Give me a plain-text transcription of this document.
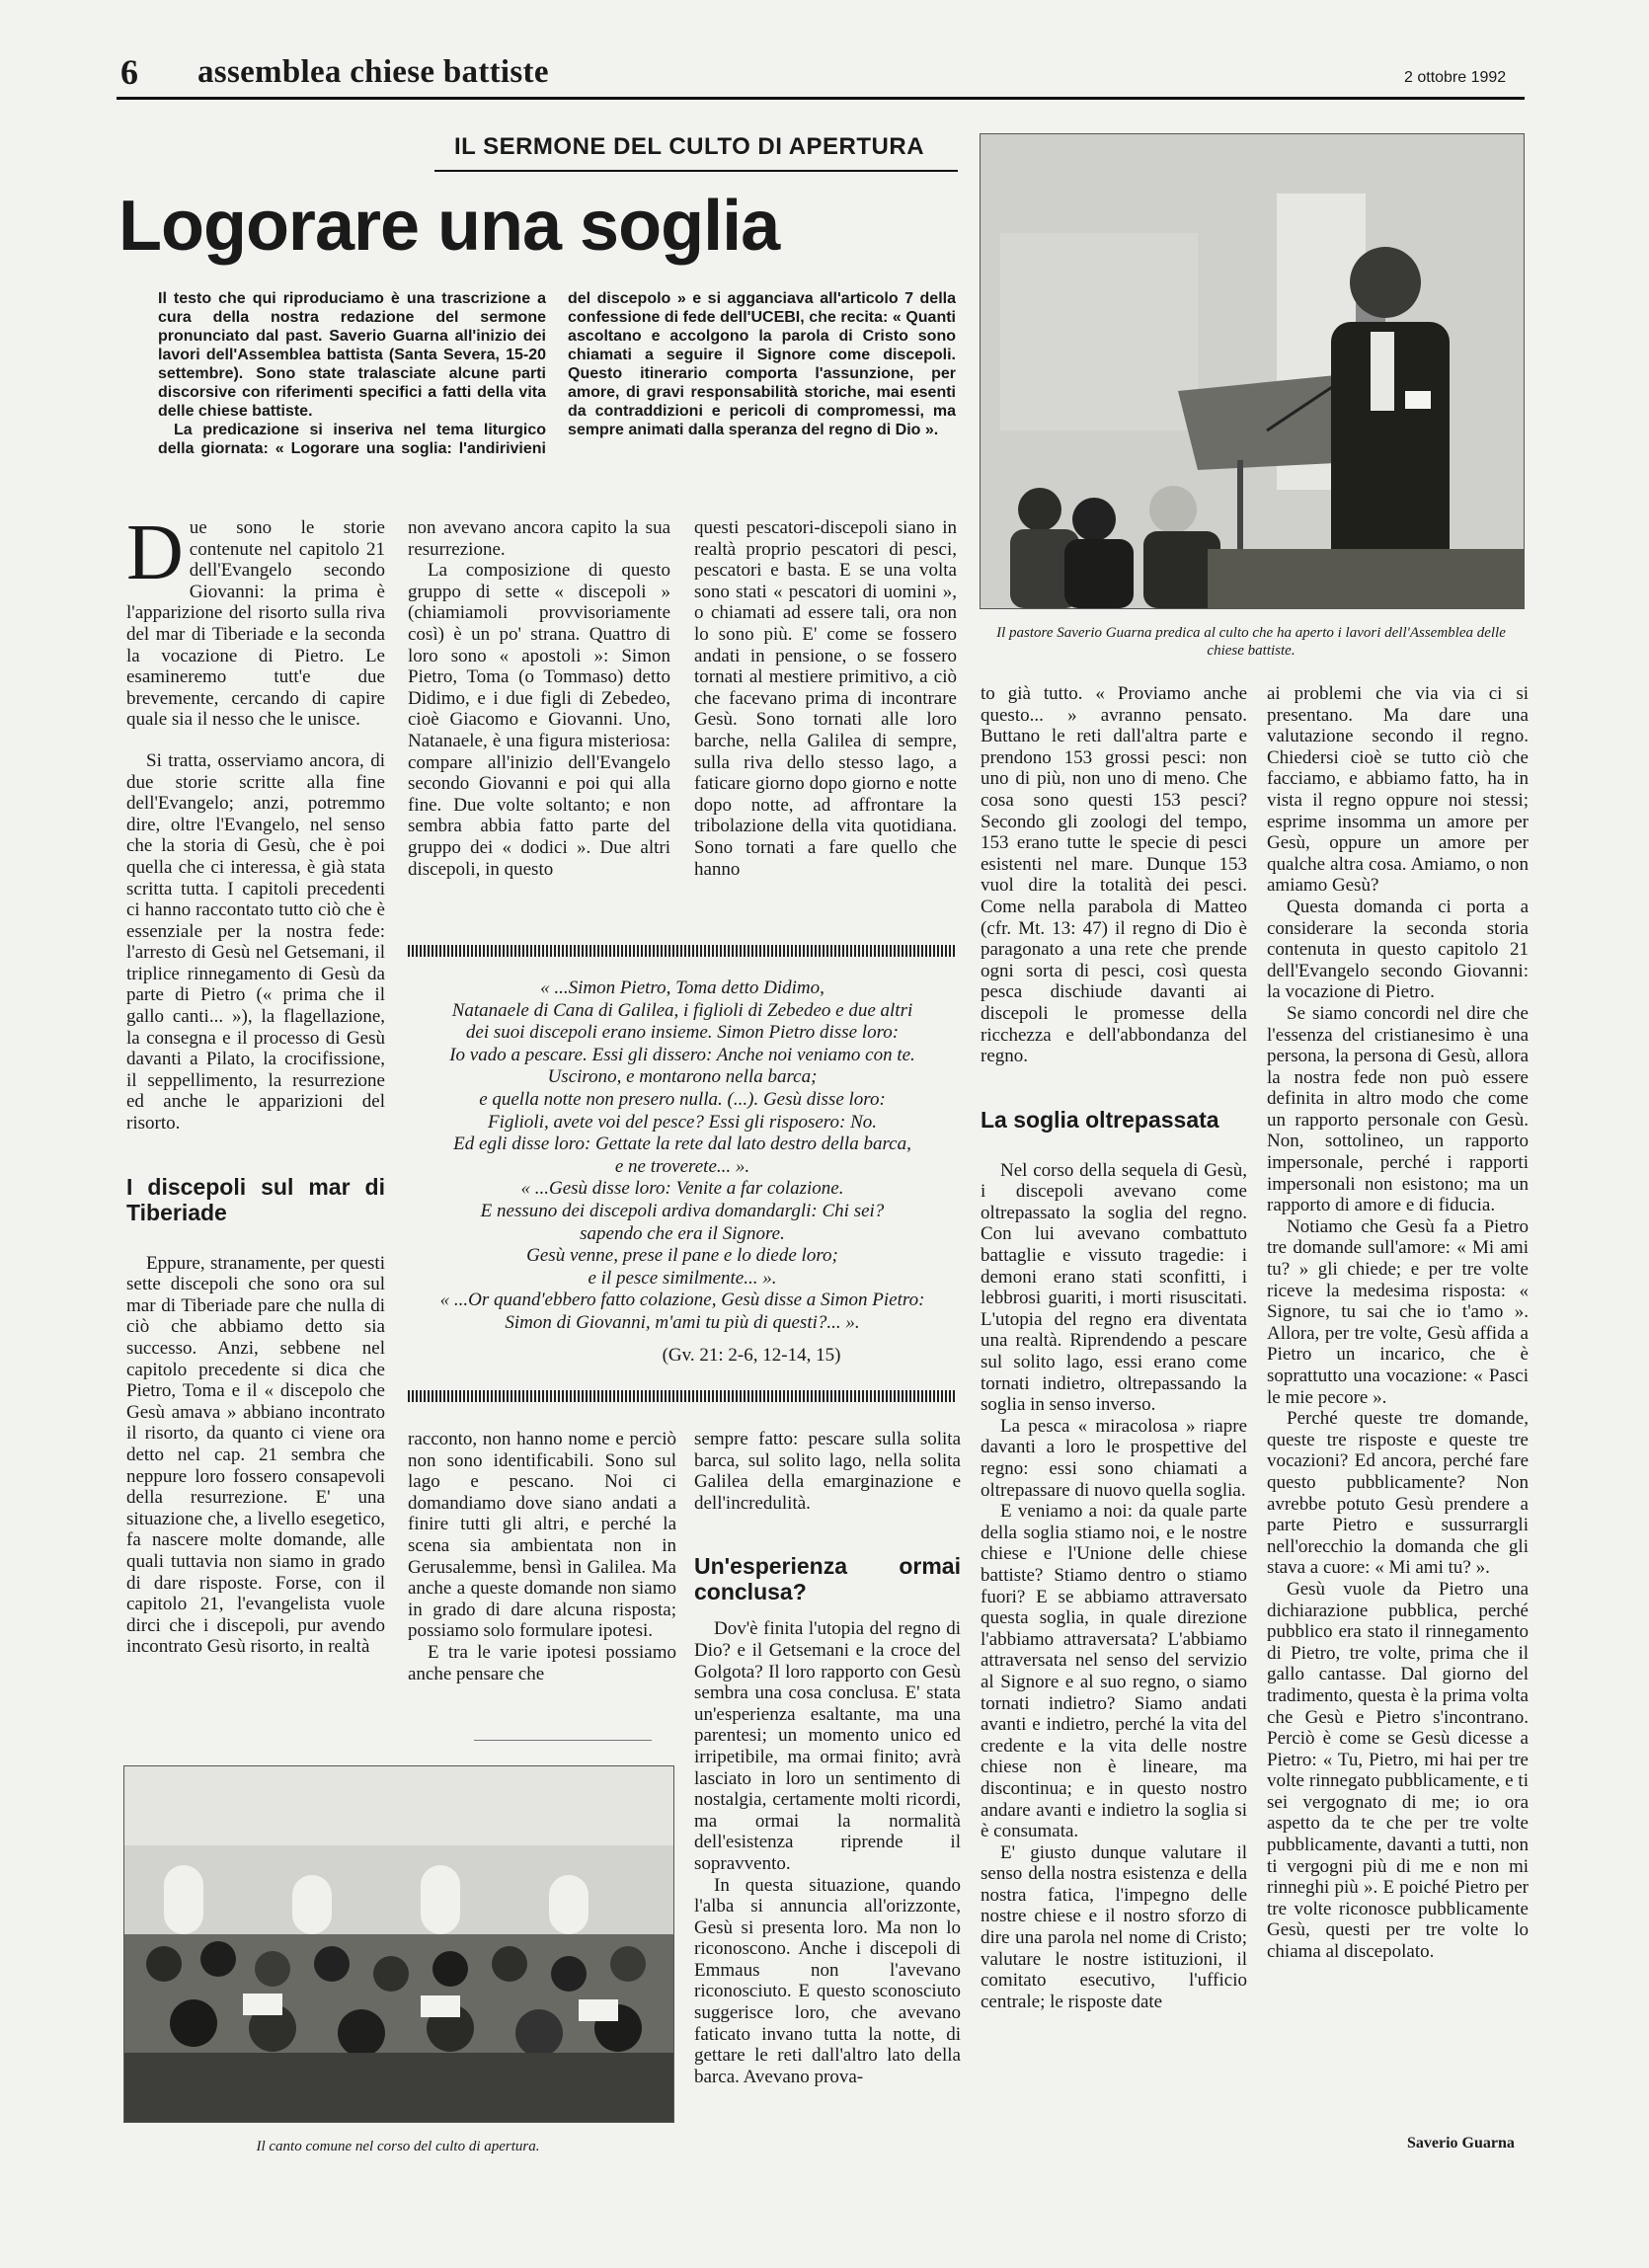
6 assemblea chiese battiste	2 ottobre 1992
IL SERMONE DEL CULTO DI APERTURA
Logorare una soglia

Il testo che qui riproduciamo è una trascrizione a cura della nostra redazione del sermone pronunciato dal past. Saverio Guarna all'inizio dei lavori dell'Assemblea battista (Santa Severa, 15-20 settembre). Sono state tralasciate alcune parti discorsive con riferimenti specifici a fatti della vita delle chiese battiste.

La predicazione si inseriva nel tema liturgico della giornata: « Logorare una soglia: l'andirivieni del discepolo » e si agganciava all'articolo 7 della confessione di fede dell'UCEBI, che recita: « Quanti ascoltano e accolgono la parola di Cristo sono chiamati a seguire il Signore come discepoli. Questo itinerario comporta l'assunzione, per amore, di gravi responsabilità storiche, mai esenti da contraddizioni e pericoli di compromessi, ma sempre animati dalla speranza del regno di Dio ».

Il pastore Saverio Guarna predica al culto che ha aperto i lavori dell'Assemblea delle chiese battiste.

Due sono le storie contenute nel capitolo 21 dell'Evangelo secondo Giovanni: la prima è l'apparizione del risorto sulla riva del mar di Tiberiade e la seconda la vocazione di Pietro. Le esamineremo tutt'e due brevemente, cercando di capire quale sia il nesso che le unisce.

Si tratta, osserviamo ancora, di due storie scritte alla fine dell'Evangelo; anzi, potremmo dire, oltre l'Evangelo, nel senso che la storia di Gesù, che è poi quella che ci interessa, è già stata scritta tutta. I capitoli precedenti ci hanno raccontato tutto ciò che è essenziale per la nostra fede: l'arresto di Gesù nel Getsemani, il triplice rinnegamento di Gesù da parte di Pietro (« prima che il gallo canti... »), la flagellazione, la consegna e il processo di Gesù davanti a Pilato, la crocifissione, il seppellimento, la resurrezione ed anche le apparizioni del risorto.

I discepoli sul mar di Tiberiade

Eppure, stranamente, per questi sette discepoli che sono ora sul mar di Tiberiade pare che nulla di ciò che abbiamo detto sia successo. Anzi, sebbene nel capitolo precedente si dica che Pietro, Toma e il « discepolo che Gesù amava » abbiano incontrato il risorto, da quanto ci viene ora detto nel cap. 21 sembra che neppure loro fossero consapevoli della resurrezione. E' una situazione che, a livello esegetico, fa nascere molte domande, alle quali tuttavia non siamo in grado di dare risposte. Forse, con il capitolo 21, l'evangelista vuole dirci che i discepoli, pur avendo incontrato Gesù risorto, in realtà

non avevano ancora capito la sua resurrezione.

La composizione di questo gruppo di sette « discepoli » (chiamiamoli provvisoriamente così) è un po' strana. Quattro di loro sono « apostoli »: Simon Pietro, Toma (o Tommaso) detto Didimo, e i due figli di Zebedeo, cioè Giacomo e Giovanni. Uno, Natanaele, è una figura misteriosa: compare all'inizio dell'Evangelo secondo Giovanni e poi qui alla fine. Due volte soltanto; e non sembra abbia fatto parte del gruppo dei « dodici ». Due altri discepoli, in questo

questi pescatori-discepoli siano in realtà proprio pescatori di pesci, pescatori e basta. E se una volta sono stati « pescatori di uomini », o chiamati ad essere tali, ora non lo sono più. E' come se fossero andati in pensione, o se fossero tornati al mestiere primitivo, a ciò che facevano prima di incontrare Gesù. Sono tornati alle loro barche, nella Galilea di sempre, sulla riva dello stesso lago, a faticare giorno dopo giorno e notte dopo notte, ad affrontare la tribolazione della vita quotidiana. Sono tornati a fare quello che hanno

« ...Simon Pietro, Toma detto Didimo,

Natanaele di Cana di Galilea, i figlioli di Zebedeo e due altri

dei suoi discepoli erano insieme. Simon Pietro disse loro:

Io vado a pescare. Essi gli dissero: Anche noi veniamo con te.

Uscirono, e montarono nella barca;

e quella notte non presero nulla. (...). Gesù disse loro:

Figlioli, avete voi del pesce? Essi gli risposero: No.

Ed egli disse loro: Gettate la rete dal lato destro della barca,

e ne troverete... ».

« ...Gesù disse loro: Venite a far colazione.

E nessuno dei discepoli ardiva domandargli: Chi sei?

sapendo che era il Signore.

Gesù venne, prese il pane e lo diede loro;

e il pesce similmente... ».

« ...Or quand'ebbero fatto colazione, Gesù disse a Simon Pietro:

Simon di Giovanni, m'ami tu più di questi?... ».

(Gv. 21: 2-6, 12-14, 15)

racconto, non hanno nome e perciò non sono identificabili. Sono sul lago e pescano. Noi ci domandiamo dove siano andati a finire tutti gli altri, e perché la scena sia ambientata non in Gerusalemme, bensì in Galilea. Ma anche a queste domande non siamo in grado di dare alcuna risposta; possiamo solo formulare ipotesi.

E tra le varie ipotesi possiamo anche pensare che

sempre fatto: pescare sulla solita barca, sul solito lago, nella solita Galilea della emarginazione e dell'incredulità.

Un'esperienza ormai conclusa?

Dov'è finita l'utopia del regno di Dio? e il Getsemani e la croce del Golgota? Il loro rapporto con Gesù sembra una cosa conclusa. E' stata un'esperienza esaltante, ma una parentesi; un momento unico ed irripetibile, ma ormai finito; avrà lasciato in loro un sentimento di nostalgia, certamente molti ricordi, ma ormai la normalità dell'esistenza riprende il sopravvento.

In questa situazione, quando l'alba si annuncia all'orizzonte, Gesù si presenta loro. Ma non lo riconoscono. Anche i discepoli di Emmaus non l'avevano riconosciuto. E questo sconosciuto suggerisce loro, che avevano faticato invano tutta la notte, di gettare le reti dall'altro lato della barca. Avevano prova-

Il canto comune nel corso del culto di apertura.

to già tutto. « Proviamo anche questo... » avranno pensato. Buttano le reti dall'altra parte e prendono 153 grossi pesci: non uno di più, non uno di meno. Che cosa sono questi 153 pesci? Secondo gli zoologi del tempo, 153 erano tutte le specie di pesci esistenti nel mare. Dunque 153 vuol dire la totalità dei pesci. Come nella parabola di Matteo (cfr. Mt. 13: 47) il regno di Dio è paragonato a una rete che prende ogni sorta di pesci, così questa pesca dischiude davanti ai discepoli le promesse della ricchezza e dell'abbondanza del regno.

La soglia oltrepassata

Nel corso della sequela di Gesù, i discepoli avevano come oltrepassato la soglia del regno. Con lui avevano combattuto battaglie e vissuto tragedie: i demoni erano stati sconfitti, i lebbrosi guariti, i morti risuscitati. L'utopia del regno era diventata una realtà. Riprendendo a pescare sul solito lago, essi erano come tornati indietro, oltrepassando la soglia in senso inverso.

La pesca « miracolosa » riapre davanti a loro le prospettive del regno: essi sono chiamati a oltrepassare di nuovo quella soglia.

E veniamo a noi: da quale parte della soglia stiamo noi, e le nostre chiese e l'Unione delle chiese battiste? Stiamo dentro o stiamo fuori? E se abbiamo attraversato questa soglia, in quale direzione l'abbiamo attraversata? L'abbiamo attraversata nel senso del servizio al Signore e al suo regno, o siamo tornati indietro? Siamo andati avanti e indietro, perché la vita del credente e la vita delle nostre chiese non è lineare, ma discontinua; e in questo nostro andare avanti e indietro la soglia si è consumata.

E' giusto dunque valutare il senso della nostra esistenza e della nostra fatica, l'impegno delle nostre chiese e il nostro sforzo di dire una parola nel nome di Cristo; valutare le nostre istituzioni, il comitato esecutivo, l'ufficio centrale; le risposte date

ai problemi che via via ci si presentano. Ma dare una valutazione secondo il regno. Chiedersi cioè se tutto ciò che facciamo, e abbiamo fatto, ha in vista il regno oppure noi stessi; esprime insomma un amore per Gesù, oppure un amore per qualche altra cosa. Amiamo, o non amiamo Gesù?

Questa domanda ci porta a considerare la seconda storia contenuta in questo capitolo 21 dell'Evangelo secondo Giovanni: la vocazione di Pietro.

Se siamo concordi nel dire che l'essenza del cristianesimo è una persona, la persona di Gesù, allora la nostra fede non può essere definita in altro modo che come un rapporto personale con Gesù. Non, sottolineo, un rapporto impersonale, perché i rapporti impersonali non esistono; ma un rapporto di amore e di fiducia.

Notiamo che Gesù fa a Pietro tre domande sull'amore: « Mi ami tu? » gli chiede; e per tre volte riceve la medesima risposta: « Signore, tu sai che io t'amo ». Allora, per tre volte, Gesù affida a Pietro un incarico, che è soprattutto una vocazione: « Pasci le mie pecore ».

Perché queste tre domande, queste tre risposte e queste tre vocazioni? Ed ancora, perché fare questo pubblicamente? Non avrebbe potuto Gesù prendere a parte Pietro e sussurrargli nell'orecchio la domanda che gli stava a cuore: « Mi ami tu? ».

Gesù vuole da Pietro una dichiarazione pubblica, perché pubblico era stato il rinnegamento di Pietro, tre volte, prima che il gallo cantasse. Dal giorno del tradimento, questa è la prima volta che Gesù e Pietro s'incontrano. Perciò è come se Gesù dicesse a Pietro: « Tu, Pietro, mi hai per tre volte rinnegato pubblicamente, e ti sei vergognato di me; io ora aspetto da te che per tre volte pubblicamente, davanti a tutti, non ti vergogni più di me e non mi rinneghi più ». E poiché Pietro per tre volte riconosce pubblicamente Gesù, questi per tre volte lo chiama al discepolato.

Saverio Guarna
